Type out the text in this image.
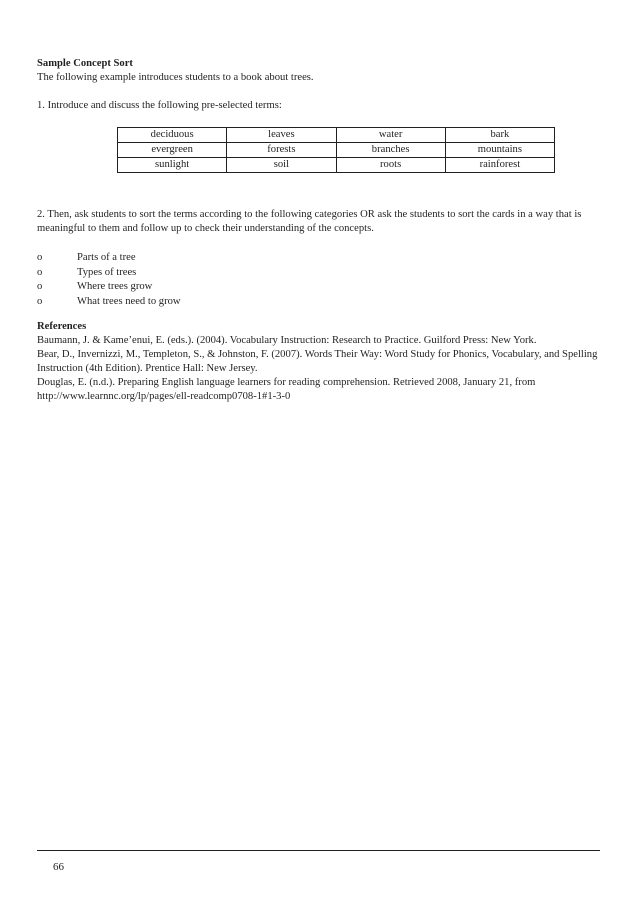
Sample Concept Sort
The following example introduces students to a book about trees.
1. Introduce and discuss the following pre-selected terms:
deciduous	leaves	water	bark
evergreen	forests	branches	mountains
sunlight	soil	roots	rainforest
2. Then, ask students to sort the terms according to the following categories OR ask the students to sort the cards in a way that is meaningful to them and follow up to check their understanding of the concepts.
o	Parts of a tree
o	Types of trees
o	Where trees grow
o	What trees need to grow
References
Baumann, J. & Kame’enui, E. (eds.). (2004). Vocabulary Instruction: Research to Practice. Guilford Press: New York.
Bear, D., Invernizzi, M., Templeton, S., & Johnston, F. (2007). Words Their Way: Word Study for Phonics, Vocabulary, and Spelling Instruction (4th Edition). Prentice Hall: New Jersey.
Douglas, E. (n.d.). Preparing English language learners for reading comprehension. Retrieved 2008, January 21, from http://www.learnnc.org/lp/pages/ell-readcomp0708-1#1-3-0
66
